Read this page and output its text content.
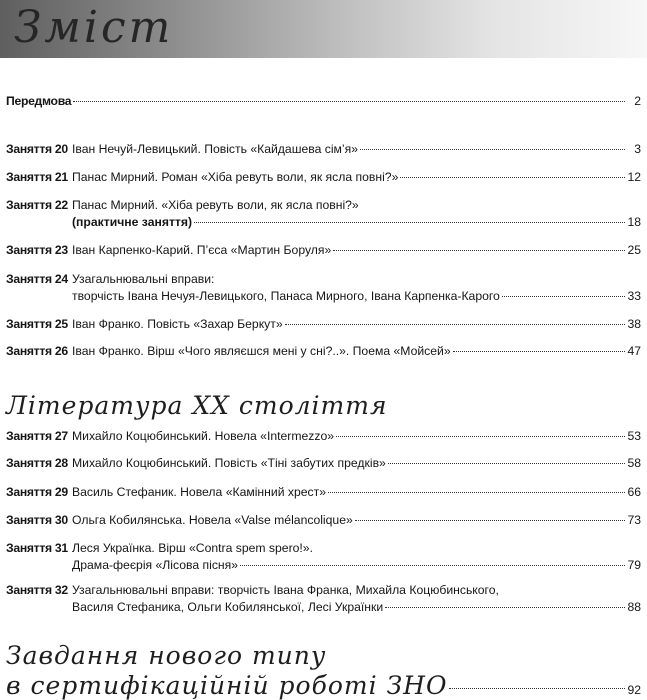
Зміст
Передмова	2
Заняття 20 Іван Нечуй-Левицький. Повість «Кайдашева сім’я»	3
Заняття 21 Панас Мирний. Роман «Хіба ревуть воли, як ясла повні?»	12
Заняття 22 Панас Мирний. «Хіба ревуть воли, як ясла повні?»
(практичне заняття)	18
Заняття 23 Іван Карпенко-Карий. П’єса «Мартин Боруля»	25
Заняття 24 Узагальнювальні вправи:
творчість Івана Нечуя-Левицького, Панаса Мирного, Івана Карпенка-Карого	33
Заняття 25 Іван Франко. Повість «Захар Беркут»	38
Заняття 26 Іван Франко. Вірш «Чого являєшся мені у сні?..». Поема «Мойсей»	47
Література ХХ століття
Заняття 27 Михайло Коцюбинський. Новела «Intermezzo»	53
Заняття 28 Михайло Коцюбинський. Повість «Тіні забутих предків»	58
Заняття 29 Василь Стефаник. Новела «Камінний хрест»	66
Заняття 30 Ольга Кобилянська. Новела «Valse mélancolique»	73
Заняття 31 Леся Українка. Вірш «Contra spem spero!».
Драма-феєрія «Лісова пісня»	79
Заняття 32 Узагальнювальні вправи: творчість Івана Франка, Михайла Коцюбинського,
Василя Стефаника, Ольги Кобилянської, Лесі Українки	88
Завдання нового типу
в сертифікаційній роботі ЗНО	92
